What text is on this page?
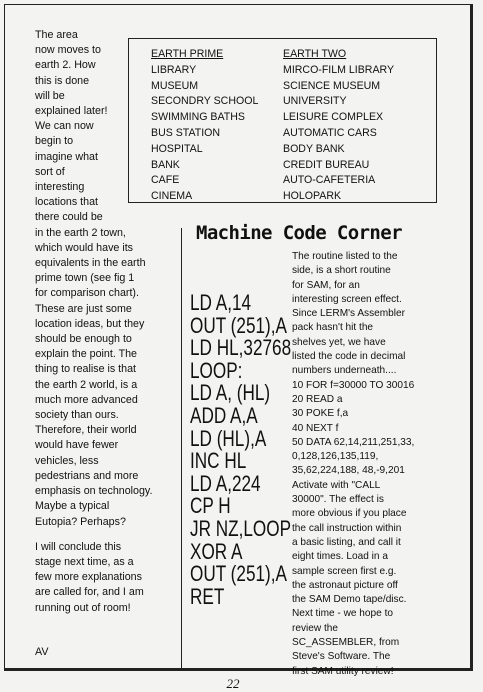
The area
now moves to
earth 2. How
this is done
will be
explained later!
We can now
begin to
imagine what
sort of
interesting
locations that
there could be
in the earth 2 town,
which would have its
equivalents in the earth
prime town (see fig 1
for comparison chart).
These are just some
location ideas, but they
should be enough to
explain the point. The
thing to realise is that
the earth 2 world, is a
much more advanced
society than ours.
Therefore, their world
would have fewer
vehicles, less
pedestrians and more
emphasis on technology.
Maybe a typical
Eutopia? Perhaps?

I will conclude this
stage next time, as a
few more explanations
are called for, and I am
running out of room!

AV
EARTH PRIME
LIBRARY
MUSEUM
SECONDRY SCHOOL
SWIMMING BATHS
BUS STATION
HOSPITAL
BANK
CAFE
CINEMA
EARTH TWO
MIRCO-FILM LIBRARY
SCIENCE MUSEUM
UNIVERSITY
LEISURE COMPLEX
AUTOMATIC CARS
BODY BANK
CREDIT BUREAU
AUTO-CAFETERIA
HOLOPARK
Machine Code Corner
LD A,14
OUT (251),A
LD HL,32768
LOOP:
LD A, (HL)
ADD A,A
LD (HL),A
INC HL
LD A,224
CP H
JR NZ,LOOP
XOR A
OUT (251),A
RET
The routine listed to the
side, is a short routine
for SAM, for an
interesting screen effect.
Since LERM's Assembler
pack hasn't hit the
shelves yet, we have
listed the code in decimal
numbers underneath....
10 FOR f=30000 TO 30016
20 READ a
30 POKE f,a
40 NEXT f
50 DATA 62,14,211,251,33,
0,128,126,135,119,
35,62,224,188, 48,-9,201
Activate with "CALL
30000". The effect is
more obvious if you place
the call instruction within
a basic listing, and call it
eight times. Load in a
sample screen first e.g.
the astronaut picture off
the SAM Demo tape/disc.
Next time - we hope to
review the
SC_ASSEMBLER, from
Steve's Software. The
first SAM utility review!
22
